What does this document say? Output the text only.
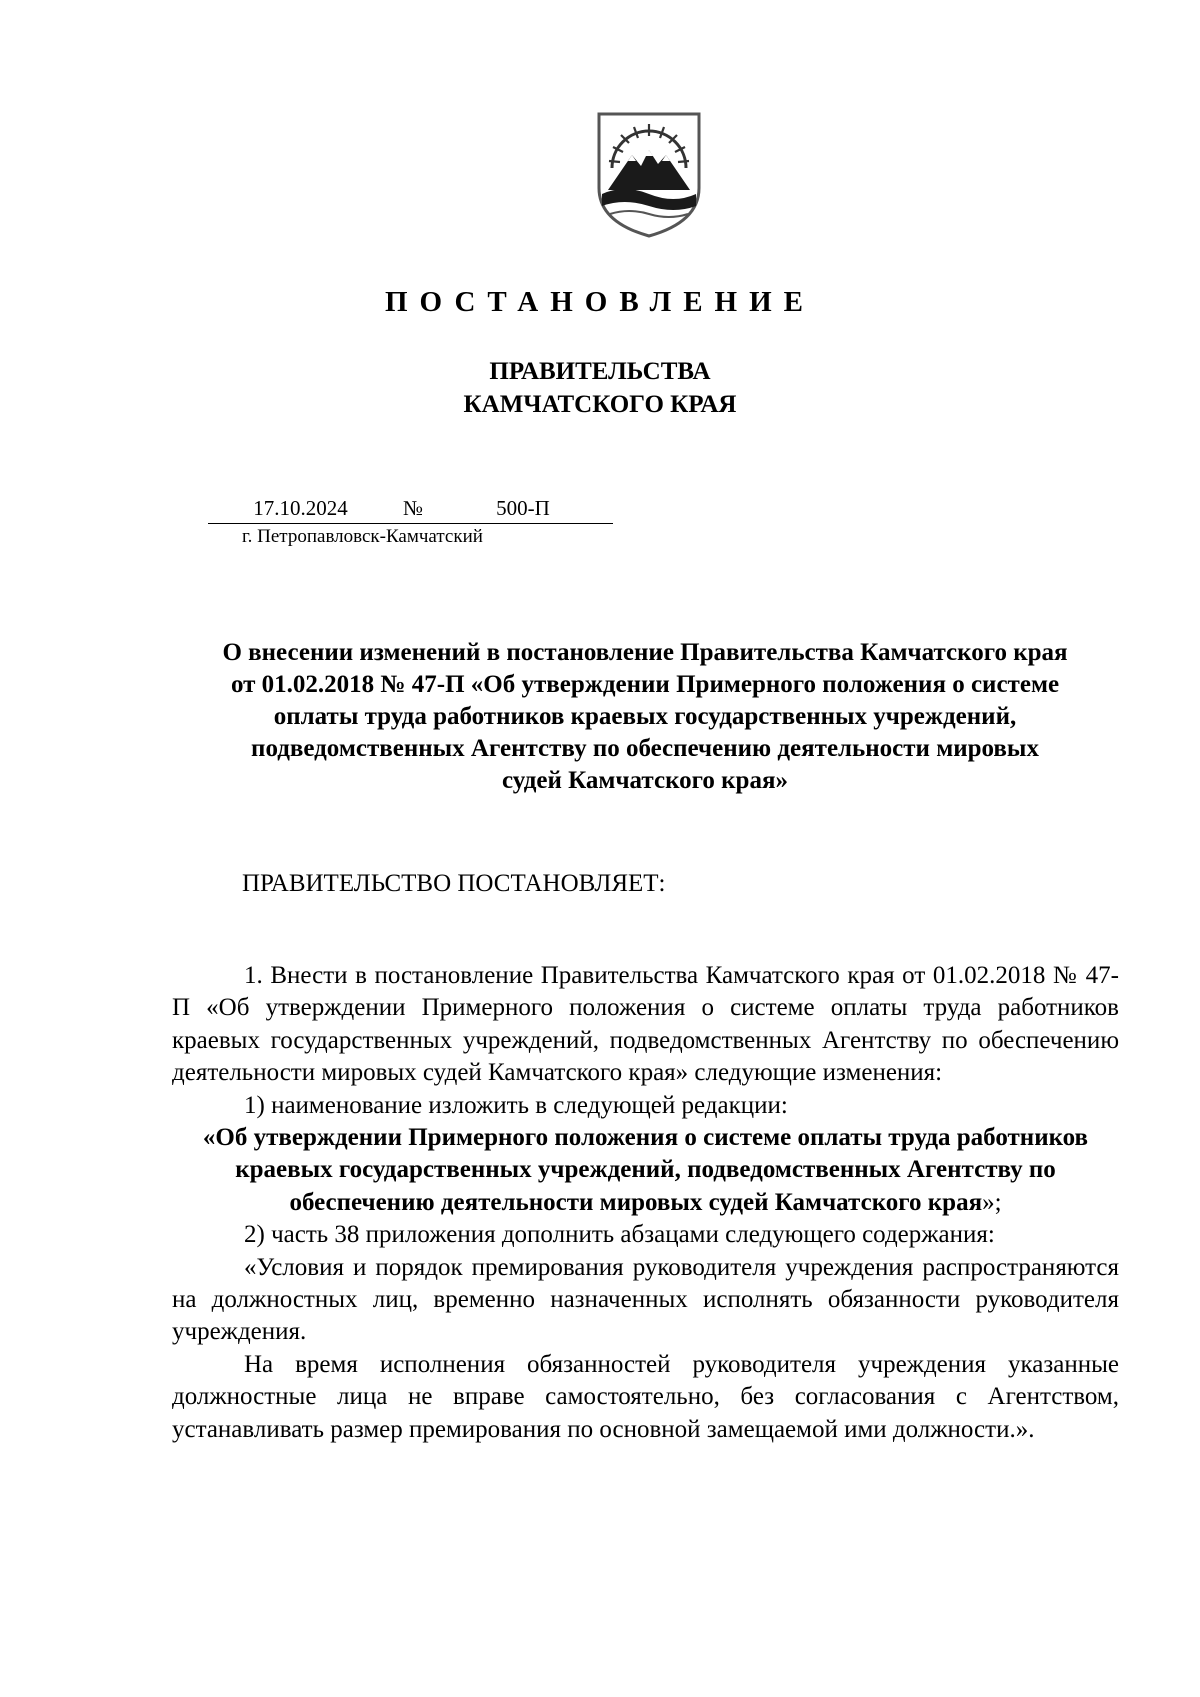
ПОСТАНОВЛЕНИЕ
ПРАВИТЕЛЬСТВА
КАМЧАТСКОГО КРАЯ
17.10.2024	№	500-П
г. Петропавловск-Камчатский
О внесении изменений в постановление Правительства Камчатского края
от 01.02.2018 № 47-П «Об утверждении Примерного положения о системе
оплаты труда работников краевых государственных учреждений,
подведомственных Агентству по обеспечению деятельности мировых
судей Камчатского края»
ПРАВИТЕЛЬСТВО ПОСТАНОВЛЯЕТ:

1. Внести в постановление Правительства Камчатского края от 01.02.2018 № 47-П «Об утверждении Примерного положения о системе оплаты труда работников краевых государственных учреждений, подведомственных Агентству по обеспечению деятельности мировых судей Камчатского края» следующие изменения:

1) наименование изложить в следующей редакции:

«Об утверждении Примерного положения о системе оплаты труда работников краевых государственных учреждений, подведомственных Агентству по обеспечению деятельности мировых судей Камчатского края»;

2) часть 38 приложения дополнить абзацами следующего содержания:

«Условия и порядок премирования руководителя учреждения распространяются на должностных лиц, временно назначенных исполнять обязанности руководителя учреждения.

На время исполнения обязанностей руководителя учреждения указанные должностные лица не вправе самостоятельно, без согласования с Агентством, устанавливать размер премирования по основной замещаемой ими должности.».
